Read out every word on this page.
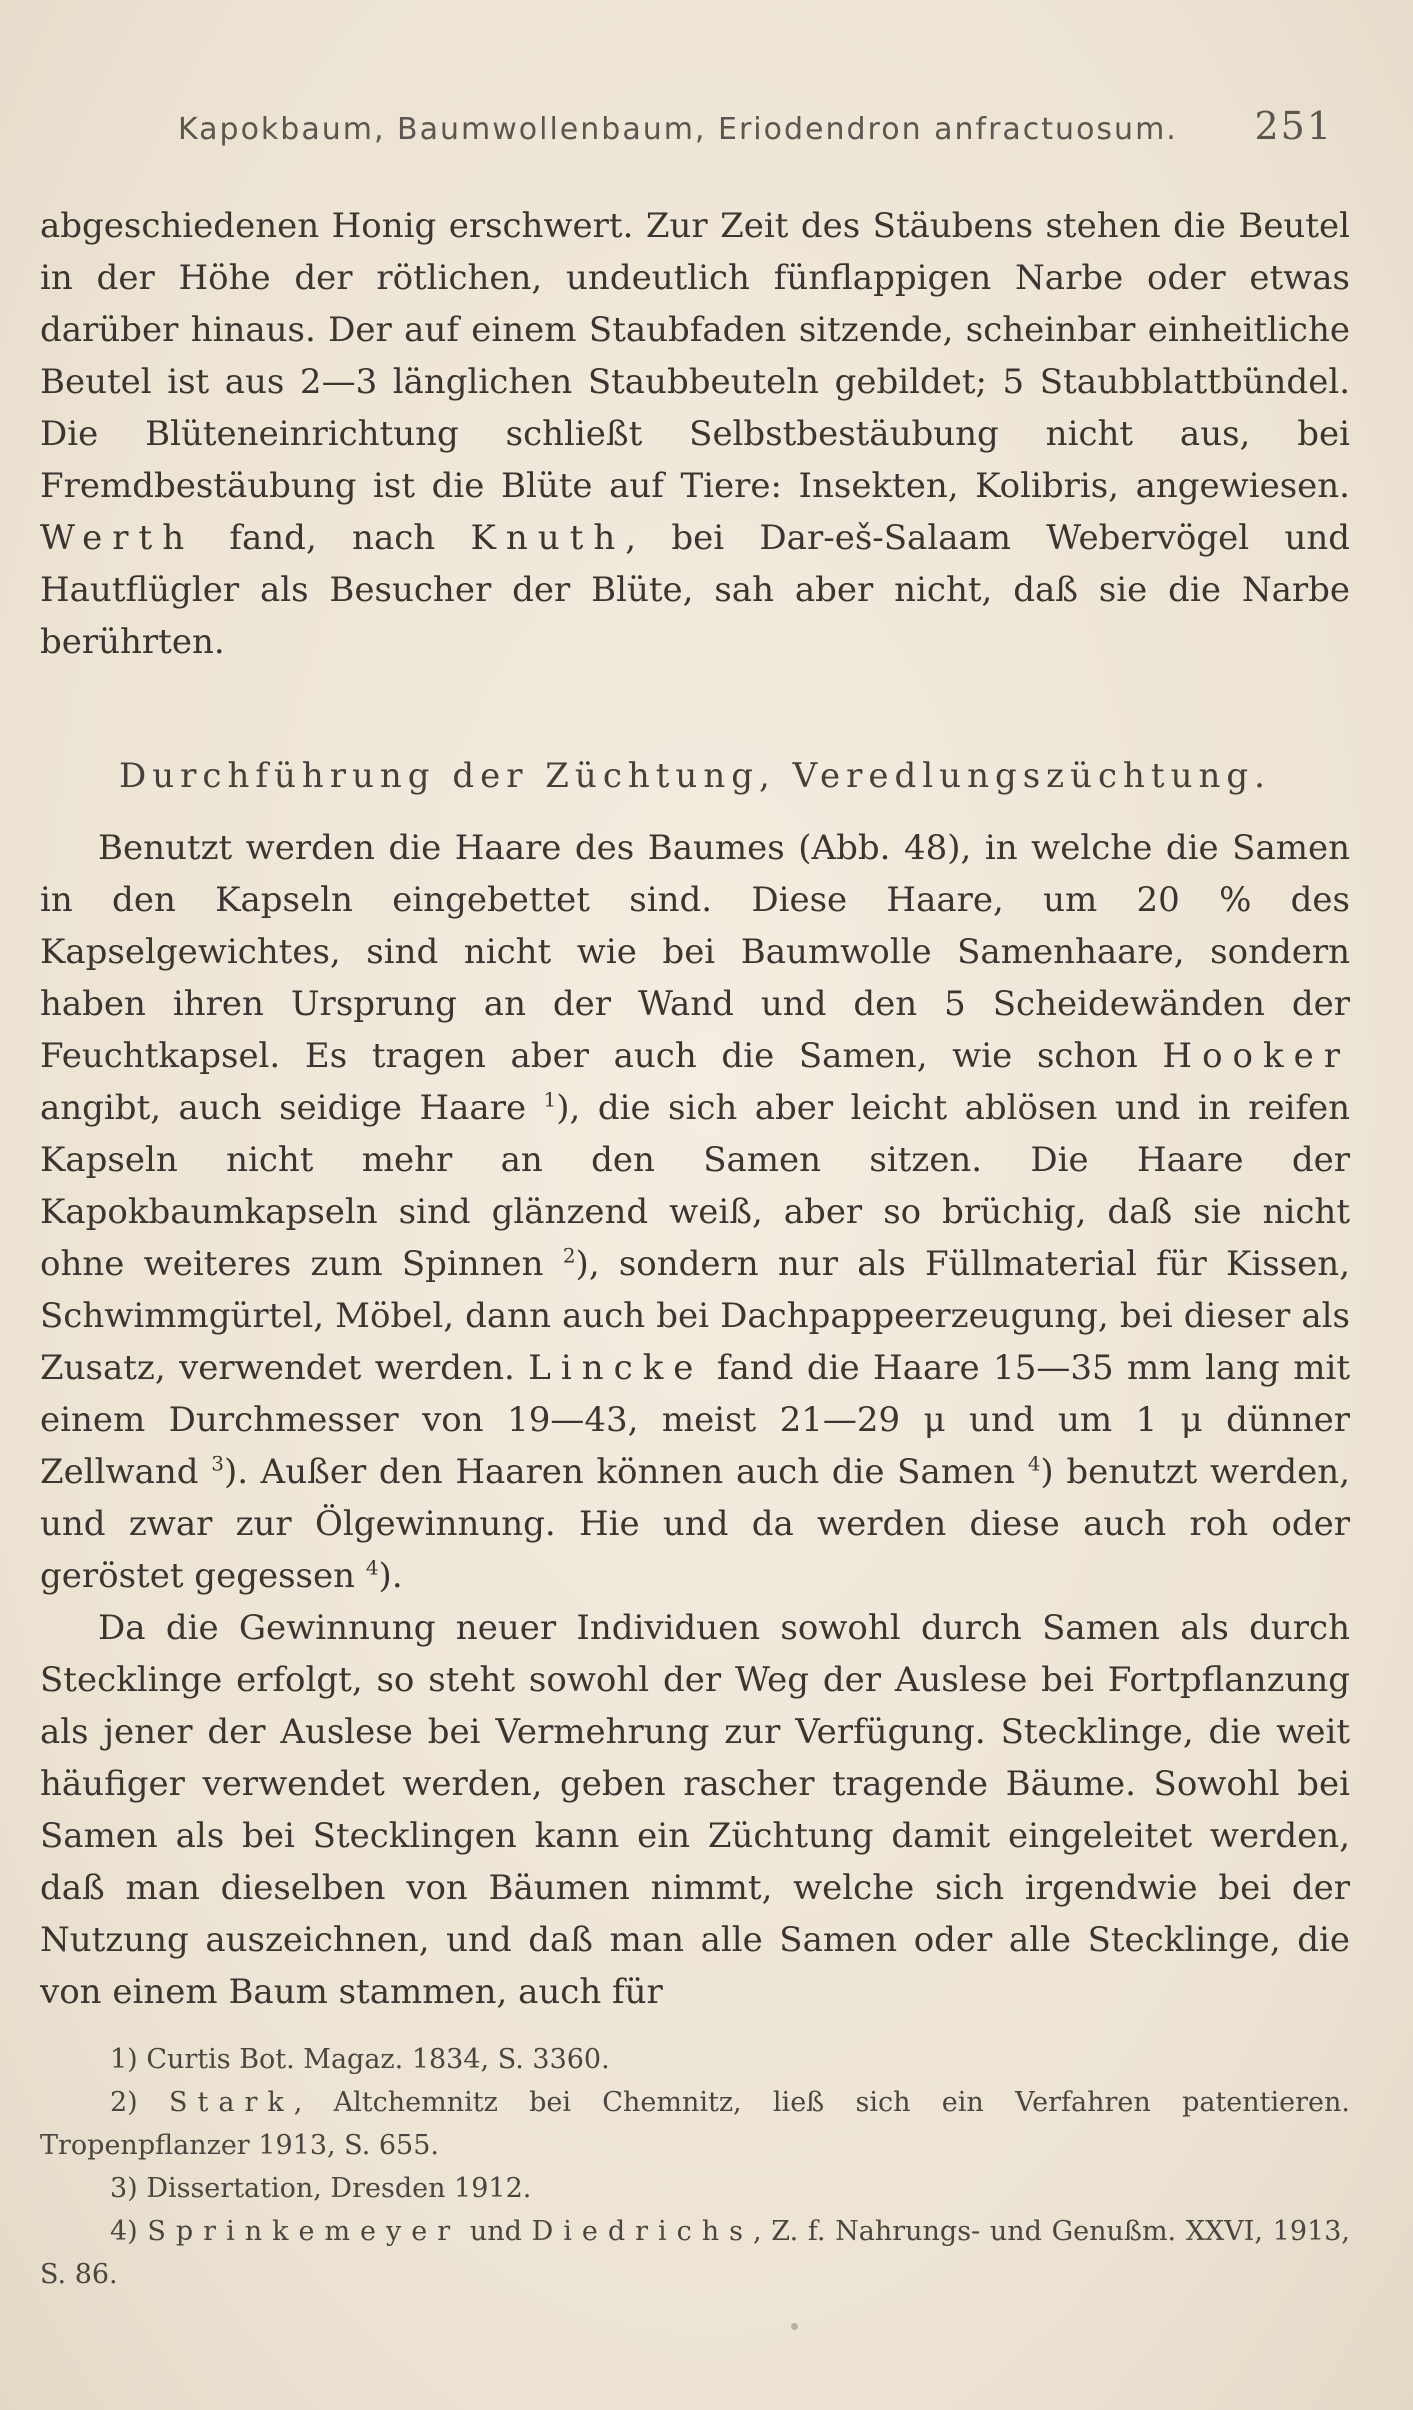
Kapokbaum, Baumwollenbaum, Eriodendron anfractuosum. 251

abgeschiedenen Honig erschwert. Zur Zeit des Stäubens stehen die Beutel in der Höhe der rötlichen, undeutlich fünflappigen Narbe oder etwas darüber hinaus. Der auf einem Staubfaden sitzende, scheinbar einheitliche Beutel ist aus 2—3 länglichen Staubbeuteln gebildet; 5 Staubblattbündel. Die Blüteneinrichtung schließt Selbstbestäubung nicht aus, bei Fremdbestäubung ist die Blüte auf Tiere: Insekten, Kolibris, angewiesen. Werth fand, nach Knuth, bei Dar-eš-Salaam Webervögel und Hautflügler als Besucher der Blüte, sah aber nicht, daß sie die Narbe berührten.

Durchführung der Züchtung, Veredlungszüchtung.

Benutzt werden die Haare des Baumes (Abb. 48), in welche die Samen in den Kapseln eingebettet sind. Diese Haare, um 20 % des Kapselgewichtes, sind nicht wie bei Baumwolle Samenhaare, sondern haben ihren Ursprung an der Wand und den 5 Scheidewänden der Feuchtkapsel. Es tragen aber auch die Samen, wie schon Hooker angibt, auch seidige Haare $^1$), die sich aber leicht ablösen und in reifen Kapseln nicht mehr an den Samen sitzen. Die Haare der Kapokbaumkapseln sind glänzend weiß, aber so brüchig, daß sie nicht ohne weiteres zum Spinnen $^2$), sondern nur als Füllmaterial für Kissen, Schwimmgürtel, Möbel, dann auch bei Dachpappeerzeugung, bei dieser als Zusatz, verwendet werden. Lincke fand die Haare 15—35 mm lang mit einem Durchmesser von 19—43, meist 21—29 μ und um 1 μ dünner Zellwand $^3$). Außer den Haaren können auch die Samen $^4$) benutzt werden, und zwar zur Ölgewinnung. Hie und da werden diese auch roh oder geröstet gegessen $^4$).

Da die Gewinnung neuer Individuen sowohl durch Samen als durch Stecklinge erfolgt, so steht sowohl der Weg der Auslese bei Fortpflanzung als jener der Auslese bei Vermehrung zur Verfügung. Stecklinge, die weit häufiger verwendet werden, geben rascher tragende Bäume. Sowohl bei Samen als bei Stecklingen kann ein Züchtung damit eingeleitet werden, daß man dieselben von Bäumen nimmt, welche sich irgendwie bei der Nutzung auszeichnen, und daß man alle Samen oder alle Stecklinge, die von einem Baum stammen, auch für

1) Curtis Bot. Magaz. 1834, S. 3360.

2) Stark, Altchemnitz bei Chemnitz, ließ sich ein Verfahren patentieren. Tropenpflanzer 1913, S. 655.

3) Dissertation, Dresden 1912.

4) Sprinkemeyer und Diedrichs, Z. f. Nahrungs- und Genußm. XXVI, 1913, S. 86.
